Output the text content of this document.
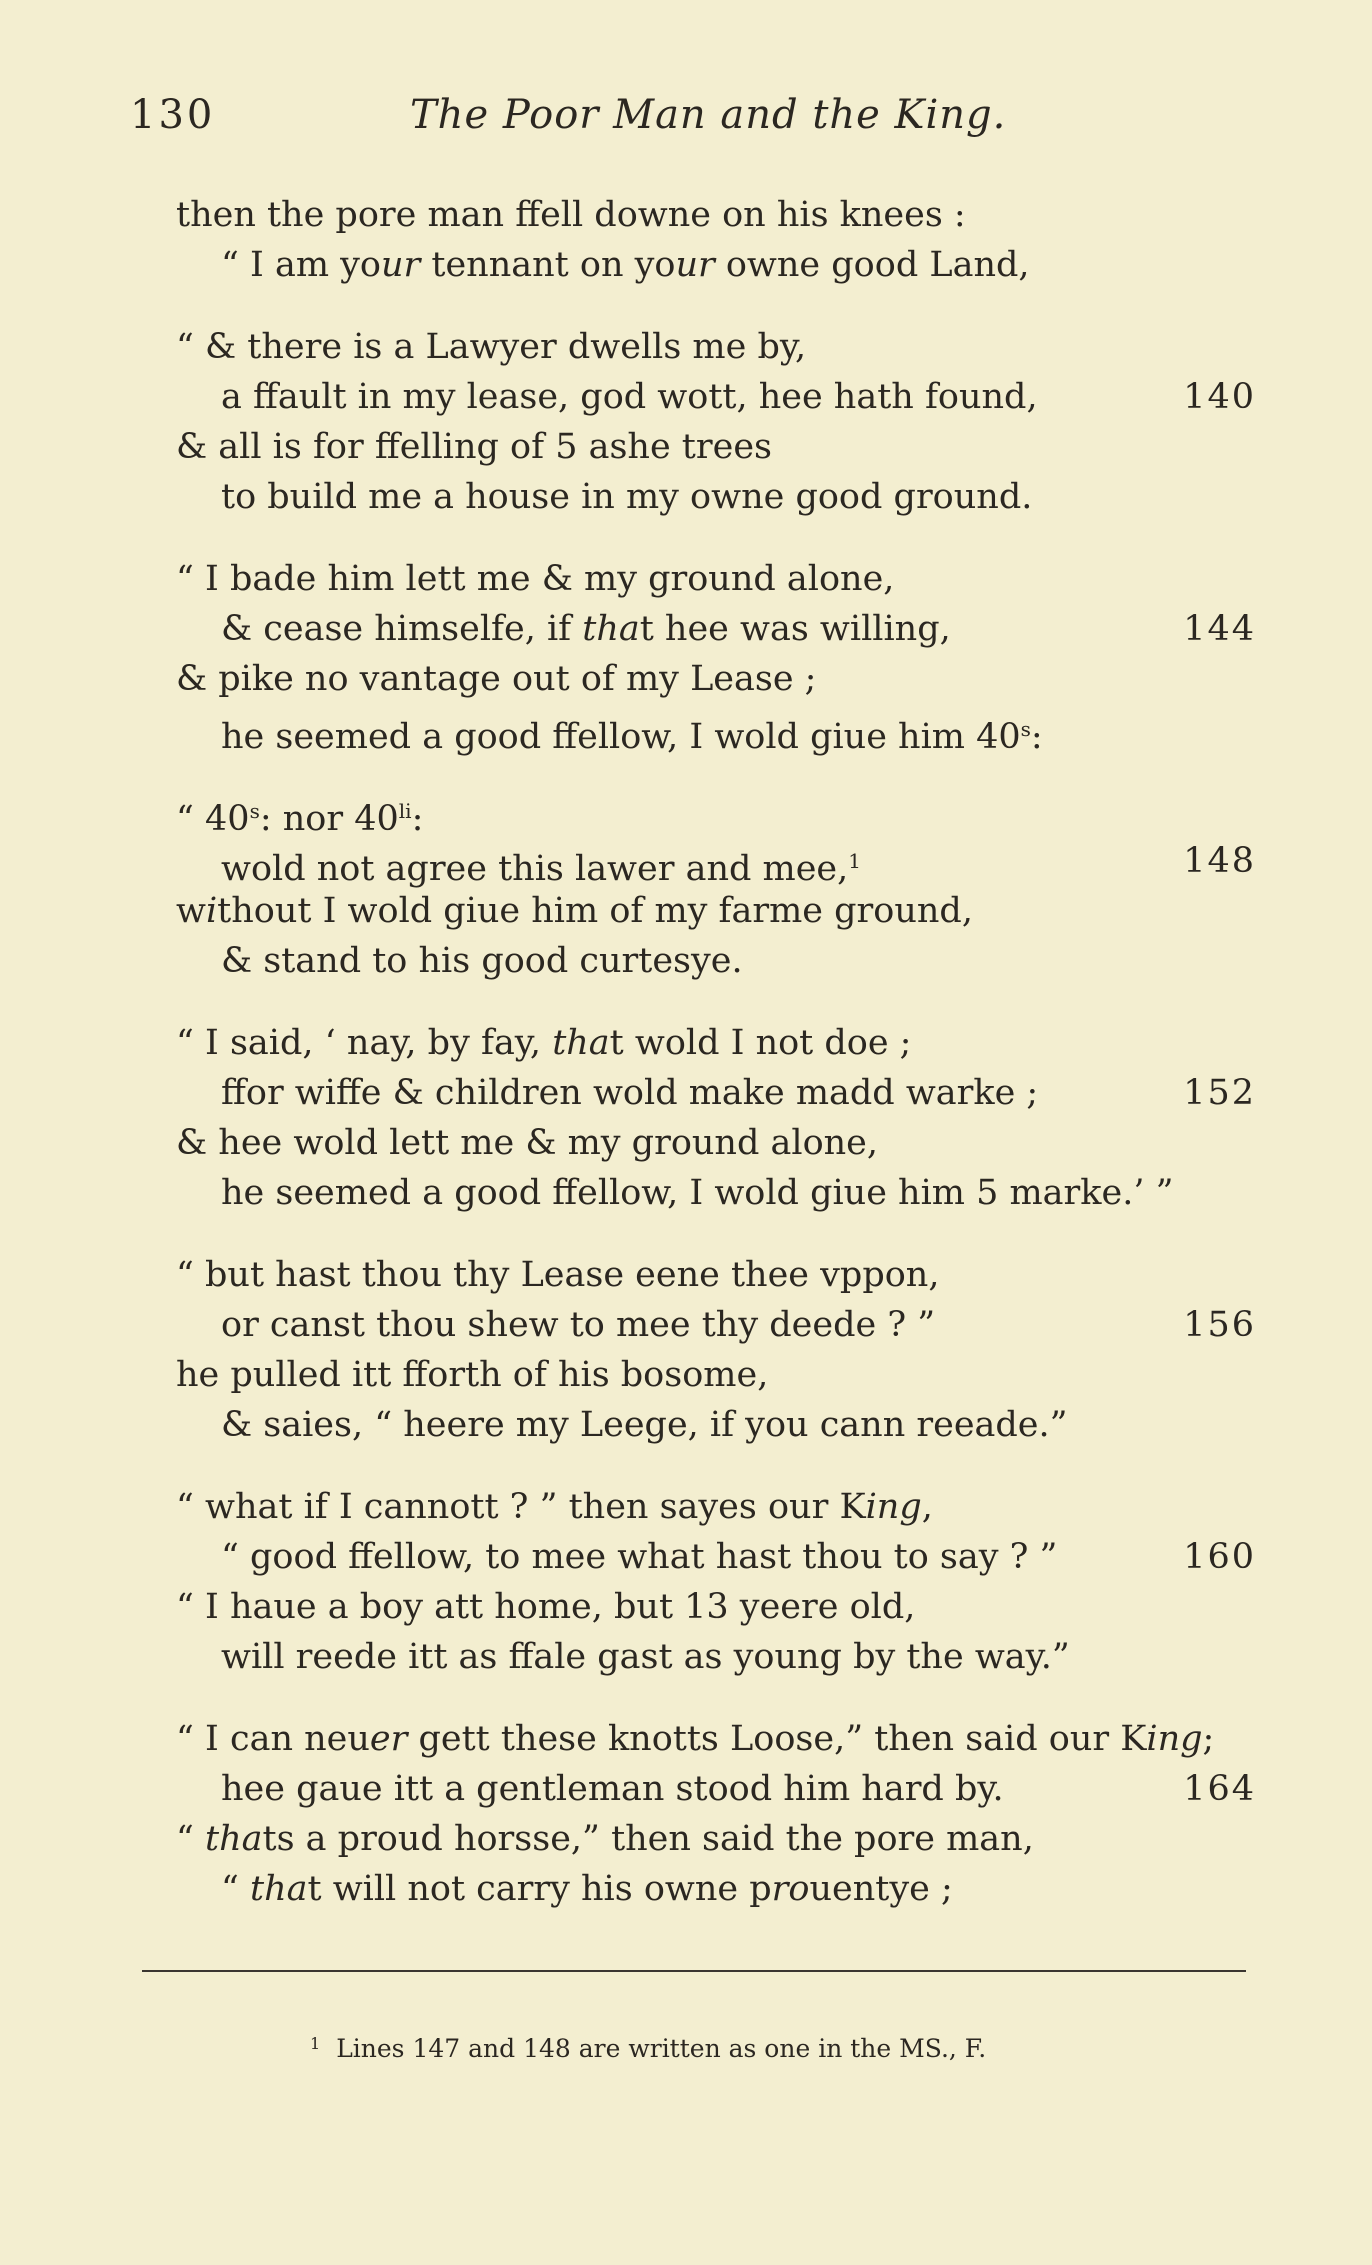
130	The Poor Man and the King.
then the pore man ffell downe on his knees :
“ I am your tennant on your owne good Land,
“ & there is a Lawyer dwells me by,
a ffault in my lease, god wott, hee hath found,	140
& all is for ffelling of 5 ashe trees
to build me a house in my owne good ground.
“ I bade him lett me & my ground alone,
& cease himselfe, if that hee was willing,	144
& pike no vantage out of my Lease ;
he seemed a good ffellow, I wold giue him 40$^s$:
“ 40$^s$: nor $40^{li}$:
wold not agree this lawer and mee,$^1$	148
without I wold giue him of my farme ground,
& stand to his good curtesye.
“ I said, ‘ nay, by fay, that wold I not doe ;
ffor wiffe & children wold make madd warke ;	152
& hee wold lett me & my ground alone,
he seemed a good ffellow, I wold giue him 5 marke.’ ”
“ but hast thou thy Lease eene thee vppon,
or canst thou shew to mee thy deede ? ”	156
he pulled itt fforth of his bosome,
& saies, “ heere my Leege, if you cann reeade.”
“ what if I cannott ? ” then sayes our King,
“ good ffellow, to mee what hast thou to say ? ”	160
“ I haue a boy att home, but 13 yeere old,
will reede itt as ffale gast as young by the way.”
“ I can neuer gett these knotts Loose,” then said our King;
hee gaue itt a gentleman stood him hard by.	164
“ thats a proud horsse,” then said the pore man,
“ that will not carry his owne prouentye ;
$^1$ Lines 147 and 148 are written as one in the MS., F.
